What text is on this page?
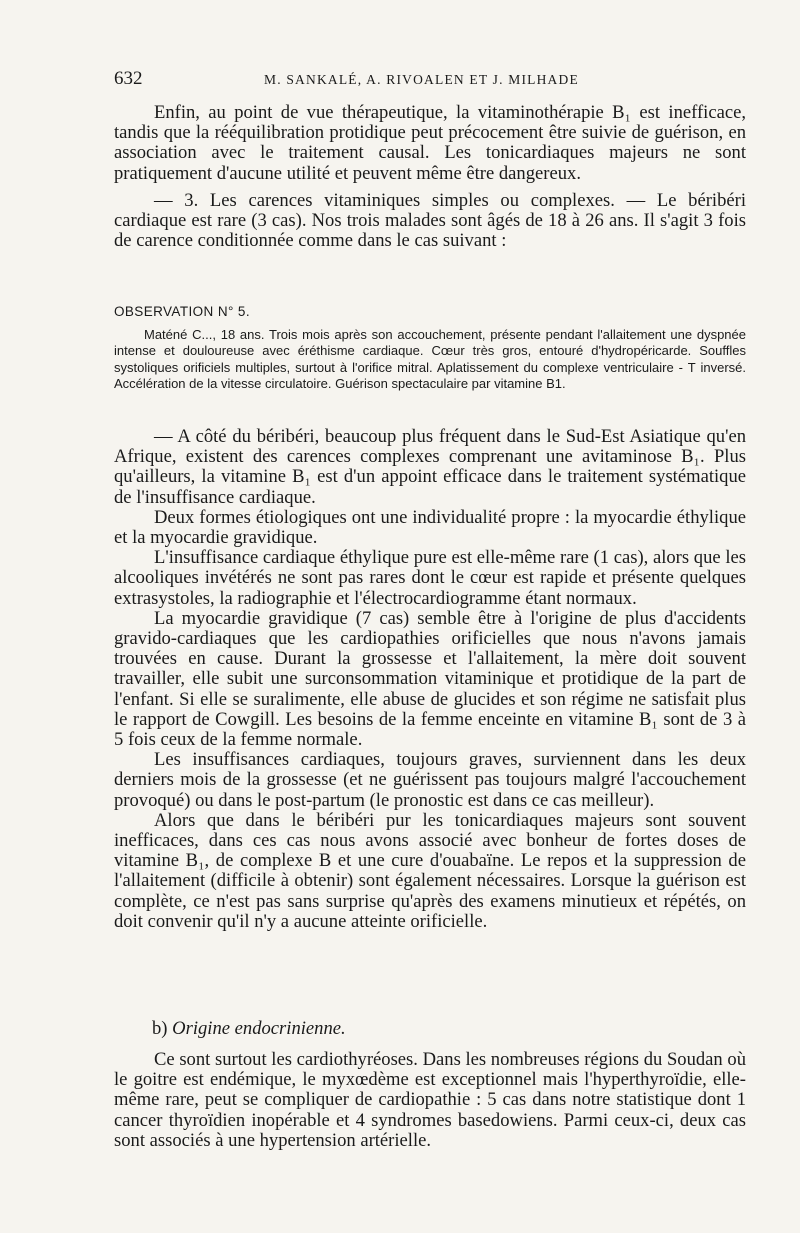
632	M. SANKALÉ, A. RIVOALEN ET J. MILHADE

Enfin, au point de vue thérapeutique, la vitaminothérapie B₁ est inefficace, tandis que la rééquilibration protidique peut précocement être suivie de guérison, en association avec le traitement causal. Les tonicardiaques majeurs ne sont pratiquement d'aucune utilité et peuvent même être dangereux.

— 3. Les carences vitaminiques simples ou complexes. — Le béribéri cardiaque est rare (3 cas). Nos trois malades sont âgés de 18 à 26 ans. Il s'agit 3 fois de carence conditionnée comme dans le cas suivant :

OBSERVATION N° 5.

Maténé C..., 18 ans. Trois mois après son accouchement, présente pendant l'allaitement une dyspnée intense et douloureuse avec éréthisme cardiaque. Cœur très gros, entouré d'hydropéricarde. Souffles systoliques orificiels multiples, surtout à l'orifice mitral. Aplatissement du complexe ventriculaire - T inversé. Accélération de la vitesse circulatoire. Guérison spectaculaire par vitamine B1.

— A côté du béribéri, beaucoup plus fréquent dans le Sud-Est Asiatique qu'en Afrique, existent des carences complexes comprenant une avitaminose B₁. Plus qu'ailleurs, la vitamine B₁ est d'un appoint efficace dans le traitement systématique de l'insuffisance cardiaque.

Deux formes étiologiques ont une individualité propre : la myocardie éthylique et la myocardie gravidique.

L'insuffisance cardiaque éthylique pure est elle-même rare (1 cas), alors que les alcooliques invétérés ne sont pas rares dont le cœur est rapide et présente quelques extrasystoles, la radiographie et l'électrocardiogramme étant normaux.

La myocardie gravidique (7 cas) semble être à l'origine de plus d'accidents gravido-cardiaques que les cardiopathies orificielles que nous n'avons jamais trouvées en cause. Durant la grossesse et l'allaitement, la mère doit souvent travailler, elle subit une surconsommation vitaminique et protidique de la part de l'enfant. Si elle se suralimente, elle abuse de glucides et son régime ne satisfait plus le rapport de Cowgill. Les besoins de la femme enceinte en vitamine B₁ sont de 3 à 5 fois ceux de la femme normale.

Les insuffisances cardiaques, toujours graves, surviennent dans les deux derniers mois de la grossesse (et ne guérissent pas toujours malgré l'accouchement provoqué) ou dans le post-partum (le pronostic est dans ce cas meilleur).

Alors que dans le béribéri pur les tonicardiaques majeurs sont souvent inefficaces, dans ces cas nous avons associé avec bonheur de fortes doses de vitamine B₁, de complexe B et une cure d'ouabaïne. Le repos et la suppression de l'allaitement (difficile à obtenir) sont également nécessaires. Lorsque la guérison est complète, ce n'est pas sans surprise qu'après des examens minutieux et répétés, on doit convenir qu'il n'y a aucune atteinte orificielle.

b) Origine endocrinienne.

Ce sont surtout les cardiothyréoses. Dans les nombreuses régions du Soudan où le goitre est endémique, le myxœdème est exceptionnel mais l'hyperthyroïdie, elle-même rare, peut se compliquer de cardiopathie : 5 cas dans notre statistique dont 1 cancer thyroïdien inopérable et 4 syndromes basedowiens. Parmi ceux-ci, deux cas sont associés à une hypertension artérielle.
